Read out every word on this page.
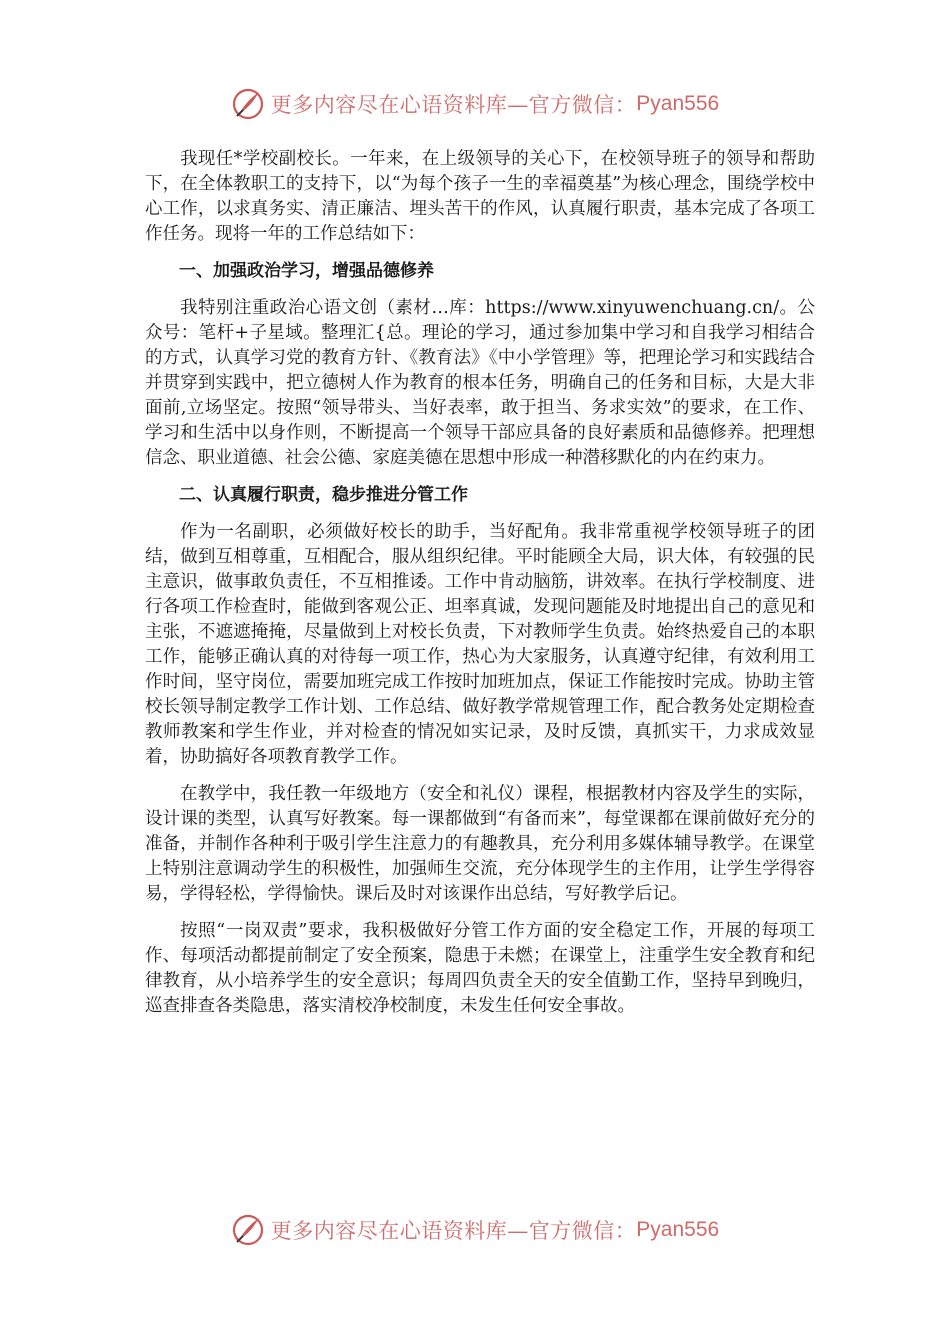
更多内容尽在心语资料库—官方微信： Pyan556

我现任*学校副校长。一年来，在上级领导的关心下，在校领导班子的领导和帮助下，在全体教职工的支持下，以“为每个孩子一生的幸福奠基”为核心理念，围绕学校中心工作，以求真务实、清正廉洁、埋头苦干的作风，认真履行职责，基本完成了各项工作任务。现将一年的工作总结如下：

一、加强政治学习，增强品德修养

我特别注重政治心语文创（素材…库：https://www.xinyuwenchuang.cn/。公众号：笔杆+子星域。整理汇{总。理论的学习，通过参加集中学习和自我学习相结合的方式，认真学习党的教育方针、《教育法》《中小学管理》等，把理论学习和实践结合并贯穿到实践中，把立德树人作为教育的根本任务，明确自己的任务和目标，大是大非面前,立场坚定。按照“领导带头、当好表率，敢于担当、务求实效”的要求，在工作、学习和生活中以身作则，不断提高一个领导干部应具备的良好素质和品德修养。把理想信念、职业道德、社会公德、家庭美德在思想中形成一种潜移默化的内在约束力。

二、认真履行职责，稳步推进分管工作

作为一名副职，必须做好校长的助手，当好配角。我非常重视学校领导班子的团结，做到互相尊重，互相配合，服从组织纪律。平时能顾全大局，识大体，有较强的民主意识，做事敢负责任，不互相推诿。工作中肯动脑筋，讲效率。在执行学校制度、进行各项工作检查时，能做到客观公正、坦率真诚，发现问题能及时地提出自己的意见和主张，不遮遮掩掩，尽量做到上对校长负责，下对教师学生负责。始终热爱自己的本职工作，能够正确认真的对待每一项工作，热心为大家服务，认真遵守纪律，有效利用工作时间，坚守岗位，需要加班完成工作按时加班加点，保证工作能按时完成。协助主管校长领导制定教学工作计划、工作总结、做好教学常规管理工作，配合教务处定期检查教师教案和学生作业，并对检查的情况如实记录，及时反馈，真抓实干，力求成效显着，协助搞好各项教育教学工作。

在教学中，我任教一年级地方（安全和礼仪）课程，根据教材内容及学生的实际，设计课的类型，认真写好教案。每一课都做到“有备而来”，每堂课都在课前做好充分的准备，并制作各种利于吸引学生注意力的有趣教具，充分利用多媒体辅导教学。在课堂上特别注意调动学生的积极性，加强师生交流，充分体现学生的主作用，让学生学得容易，学得轻松，学得愉快。课后及时对该课作出总结，写好教学后记。

按照“一岗双责”要求，我积极做好分管工作方面的安全稳定工作，开展的每项工作、每项活动都提前制定了安全预案，隐患于未燃；在课堂上，注重学生安全教育和纪律教育，从小培养学生的安全意识；每周四负责全天的安全值勤工作，坚持早到晚归，巡查排查各类隐患，落实清校净校制度，未发生任何安全事故。

更多内容尽在心语资料库—官方微信： Pyan556
